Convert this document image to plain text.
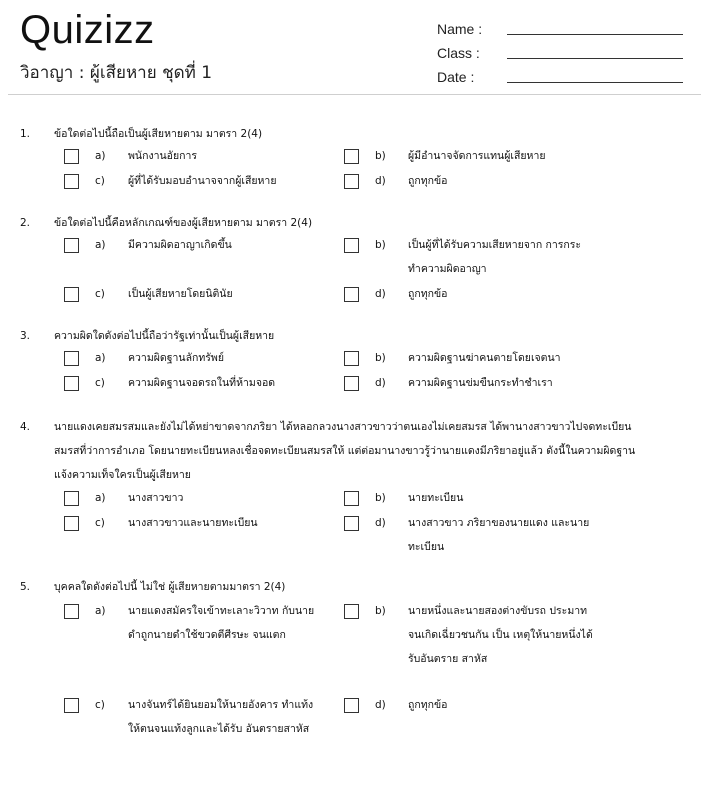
Quizizz
วิอาญา : ผู้เสียหาย ชุดที่ 1
Name :
Class :
Date :
1. ข้อใดต่อไปนี้ถือเป็นผู้เสียหายตาม มาตรา 2(4)
a) พนักงานอัยการ	b) ผู้มีอำนาจจัดการแทนผู้เสียหาย
c) ผู้ที่ได้รับมอบอำนาจจากผู้เสียหาย	d) ถูกทุกข้อ
2. ข้อใดต่อไปนี้คือหลักเกณฑ์ของผู้เสียหายตาม มาตรา 2(4)
a) มีความผิดอาญาเกิดขึ้น	b) เป็นผู้ที่ได้รับความเสียหายจาก การกระทำความผิดอาญา
c) เป็นผู้เสียหายโดยนิตินัย	d) ถูกทุกข้อ
3. ความผิดใดดังต่อไปนี้ถือว่ารัฐเท่านั้นเป็นผู้เสียหาย
a) ความผิดฐานลักทรัพย์	b) ความผิดฐานฆ่าคนตายโดยเจตนา
c) ความผิดฐานจอดรถในที่ห้ามจอด	d) ความผิดฐานข่มขืนกระทำชำเรา
4. นายแดงเคยสมรสมและยังไม่ได้หย่าขาดจากภริยา ได้หลอกลวงนางสาวขาวว่าตนเองไม่เคยสมรส ได้พานางสาวขาวไปจดทะเบียนสมรสที่ว่าการอำเภอ โดยนายทะเบียนหลงเชื่อจดทะเบียนสมรสให้ แต่ต่อมานางขาวรู้ว่านายแดงมีภริยาอยู่แล้ว ดังนี้ในความผิดฐานแจ้งความเท็จใครเป็นผู้เสียหาย
a) นางสาวขาว	b) นายทะเบียน
c) นางสาวขาวและนายทะเบียน	d) นางสาวขาว ภริยาของนายแดง และนายทะเบียน
5. บุคคลใดดังต่อไปนี้ ไม่ใช่ ผู้เสียหายตามมาตรา 2(4)
a) นายแดงสมัครใจเข้าทะเลาะวิวาท กับนายดำถูกนายดำใช้ขวดตีศีรษะ จนแตก
b) นายหนึ่งและนายสองต่างขับรถ ประมาทจนเกิดเฉี่ยวชนกัน เป็น เหตุให้นายหนึ่งได้รับอันตราย สาหัส
c) นางจันทร์ได้ยินยอมให้นายอังคาร ทำแท้งให้ตนจนแท้งลูกและได้รับ อันตรายสาหัส
d) ถูกทุกข้อ
